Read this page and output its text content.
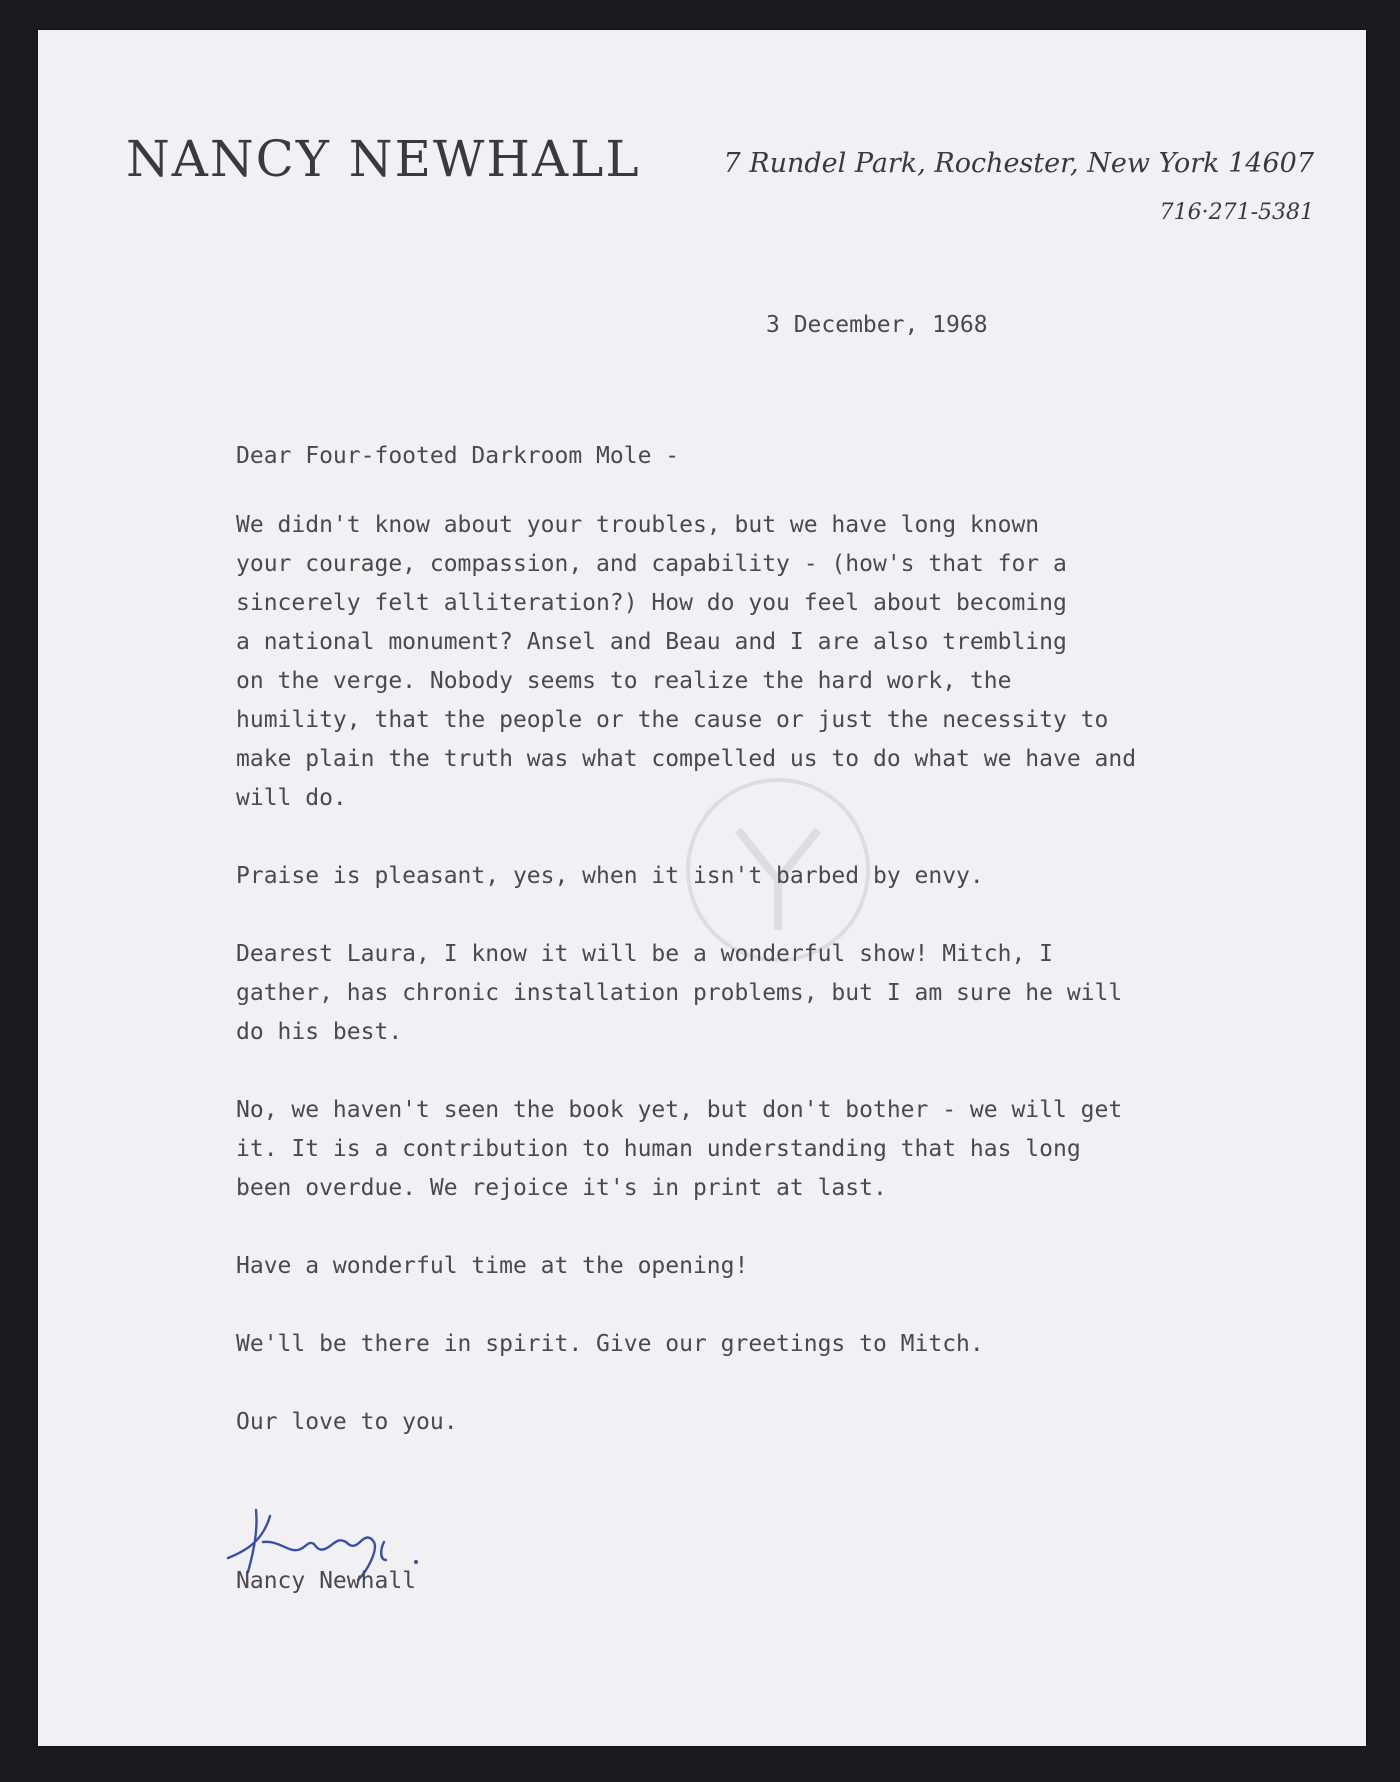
NANCY NEWHALL	7 Rundel Park, Rochester, New York 14607
716·271-5381
3 December, 1968
Dear Four-footed Darkroom Mole -
We didn't know about your troubles, but we have long known
your courage, compassion, and capability - (how's that for a
sincerely felt alliteration?) How do you feel about becoming
a national monument? Ansel and Beau and I are also trembling
on the verge. Nobody seems to realize the hard work, the
humility, that the people or the cause or just the necessity to
make plain the truth was what compelled us to do what we have and
will do.
Praise is pleasant, yes, when it isn't barbed by envy.
Dearest Laura, I know it will be a wonderful show! Mitch, I
gather, has chronic installation problems, but I am sure he will
do his best.
No, we haven't seen the book yet, but don't bother - we will get
it. It is a contribution to human understanding that has long
been overdue. We rejoice it's in print at last.
Have a wonderful time at the opening!
We'll be there in spirit. Give our greetings to Mitch.
Our love to you.
Nancy Newhall
